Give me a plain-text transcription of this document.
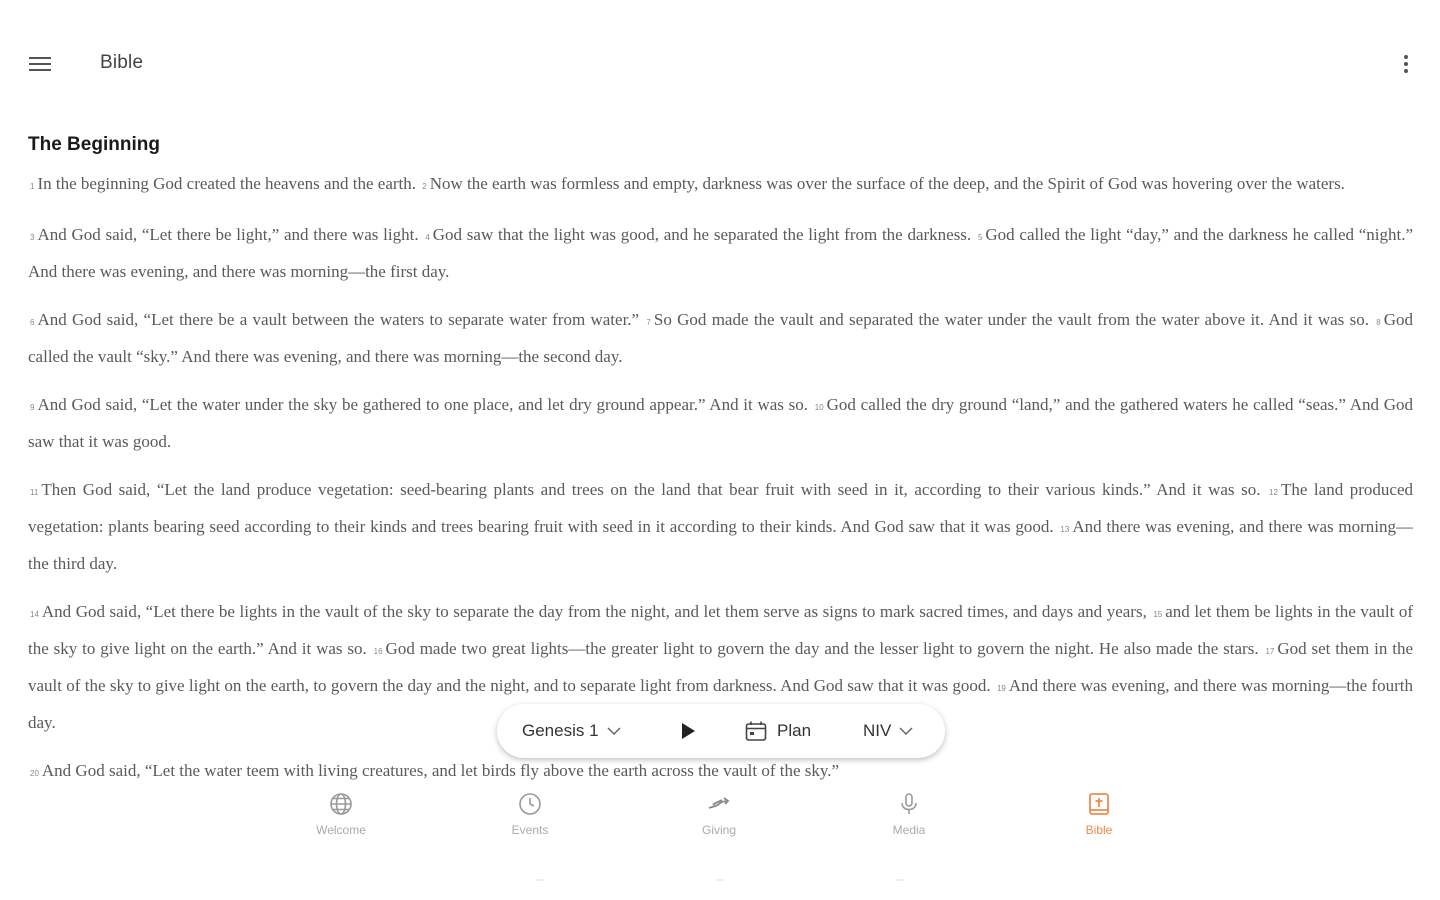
Bible
The Beginning

1 In the beginning God created the heavens and the earth. 2 Now the earth was formless and empty, darkness was over the surface of the deep, and the Spirit of God was hovering over the waters.

3 And God said, “Let there be light,” and there was light. 4 God saw that the light was good, and he separated the light from the darkness. 5 God called the light “day,” and the darkness he called “night.” And there was evening, and there was morning—the first day.

6 And God said, “Let there be a vault between the waters to separate water from water.” 7 So God made the vault and separated the water under the vault from the water above it. And it was so. 8 God called the vault “sky.” And there was evening, and there was morning—the second day.

9 And God said, “Let the water under the sky be gathered to one place, and let dry ground appear.” And it was so. 10 God called the dry ground “land,” and the gathered waters he called “seas.” And God saw that it was good.

11 Then God said, “Let the land produce vegetation: seed-bearing plants and trees on the land that bear fruit with seed in it, according to their various kinds.” And it was so. 12 The land produced vegetation: plants bearing seed according to their kinds and trees bearing fruit with seed in it according to their kinds. And God saw that it was good. 13 And there was evening, and there was morning—the third day.

14 And God said, “Let there be lights in the vault of the sky to separate the day from the night, and let them serve as signs to mark sacred times, and days and years, 15 and let them be lights in the vault of the sky to give light on the earth.” And it was so. 16 God made two great lights—the greater light to govern the day and the lesser light to govern the night. He also made the stars. 17 God set them in the vault of the sky to give light on the earth, to govern the day and the night, and to separate light from darkness. And God saw that it was good. 19 And there was evening, and there was morning—the fourth day.

20 And God said, “Let the water teem with living creatures, and let birds fly above the earth across the vault of the sky.”

Genesis 1	Plan	NIV
Welcome	Events	Giving	Media	Bible
